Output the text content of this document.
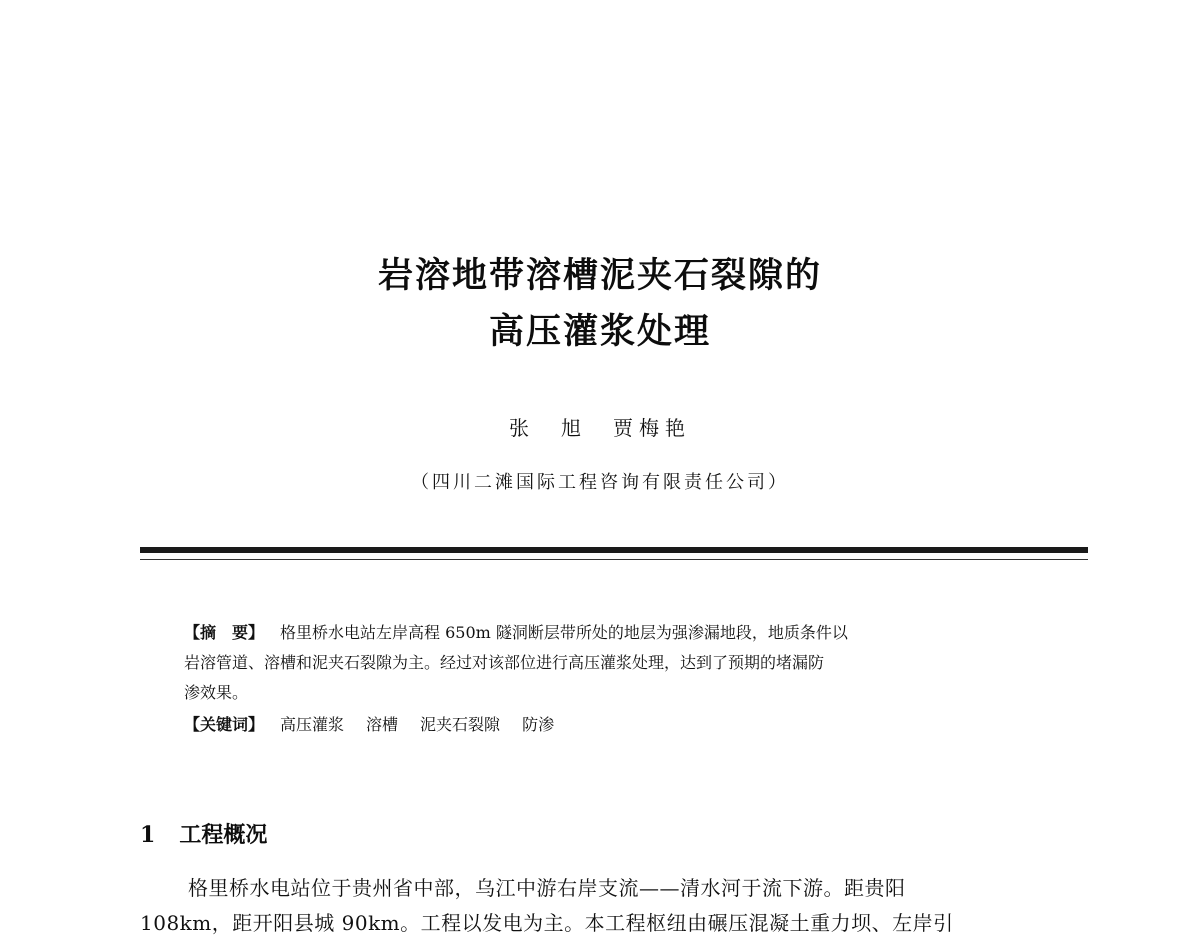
岩溶地带溶槽泥夹石裂隙的
高压灌浆处理
张　旭　贾梅艳
（四川二滩国际工程咨询有限责任公司）
【摘　要】 格里桥水电站左岸高程 650m 隧洞断层带所处的地层为强渗漏地段，地质条件以
岩溶管道、溶槽和泥夹石裂隙为主。经过对该部位进行高压灌浆处理，达到了预期的堵漏防
渗效果。
【关键词】 高压灌浆 溶槽 泥夹石裂隙 防渗
1 工程概况
格里桥水电站位于贵州省中部，乌江中游右岸支流——清水河于流下游。距贵阳
108km，距开阳县城 90km。工程以发电为主。本工程枢纽由碾压混凝土重力坝、左岸引
